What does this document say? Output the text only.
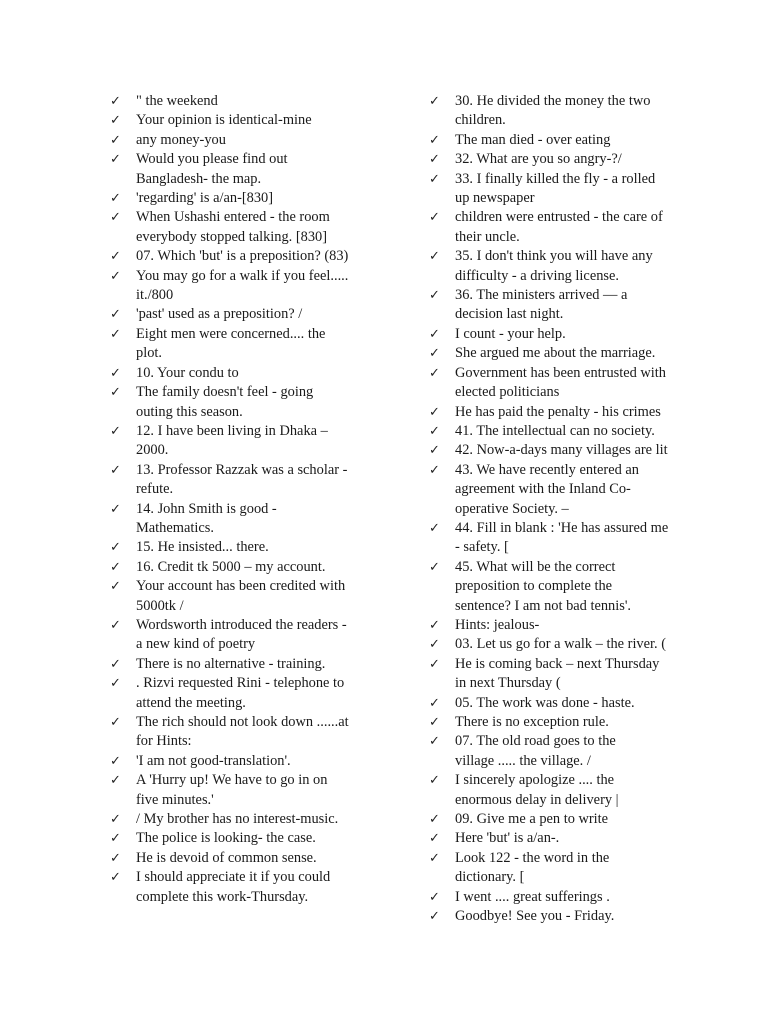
✓	" the weekend
✓	Your opinion is identical-mine
✓	any money-you
✓	Would you please find out
Bangladesh- the map.
✓	'regarding' is a/an-[830]
✓	When Ushashi entered - the room
everybody stopped talking. [830]
✓	07. Which 'but' is a preposition? (83)
✓	You may go for a walk if you feel.....
it./800
✓	'past' used as a preposition? /
✓	Eight men were concerned.... the
plot.
✓	10. Your condu to
✓	The family doesn't feel - going
outing this season.
✓	12. I have been living in Dhaka –
2000.
✓	13. Professor Razzak was a scholar -
refute.
✓	14. John Smith is good -
Mathematics.
✓	15. He insisted... there.
✓	16. Credit tk 5000 – my account.
✓	Your account has been credited with
5000tk /
✓	Wordsworth introduced the readers -
a new kind of poetry
✓	There is no alternative - training.
✓	. Rizvi requested Rini - telephone to
attend the meeting.
✓	The rich should not look down ......at
for Hints:
✓	'I am not good-translation'.
✓	A 'Hurry up! We have to go in on
five minutes.'
✓	/ My brother has no interest-music.
✓	The police is looking- the case.
✓	He is devoid of common sense.
✓	I should appreciate it if you could
complete this work-Thursday.
✓	30. He divided the money the two
children.
✓	The man died - over eating
✓	32. What are you so angry-?/
✓	33. I finally killed the fly - a rolled
up newspaper
✓	children were entrusted - the care of
their uncle.
✓	35. I don't think you will have any
difficulty - a driving license.
✓	36. The ministers arrived — a
decision last night.
✓	I count - your help.
✓	She argued me about the marriage.
✓	Government has been entrusted with
elected politicians
✓	He has paid the penalty - his crimes
✓	41. The intellectual can no society.
✓	42. Now-a-days many villages are lit
✓	43. We have recently entered an
agreement with the Inland Co-
operative Society. –
✓	44. Fill in blank : 'He has assured me
- safety. [
✓	45. What will be the correct
preposition to complete the
sentence? I am not bad tennis'.
✓	Hints: jealous-
✓	03. Let us go for a walk – the river. (
✓	He is coming back – next Thursday
in next Thursday (
✓	05. The work was done - haste.
✓	There is no exception rule.
✓	07. The old road goes to the
village ..... the village. /
✓	I sincerely apologize .... the
enormous delay in delivery |
✓	09. Give me a pen to write
✓	Here 'but' is a/an-.
✓	Look 122 - the word in the
dictionary. [
✓	I went .... great sufferings .
✓	Goodbye! See you - Friday.
